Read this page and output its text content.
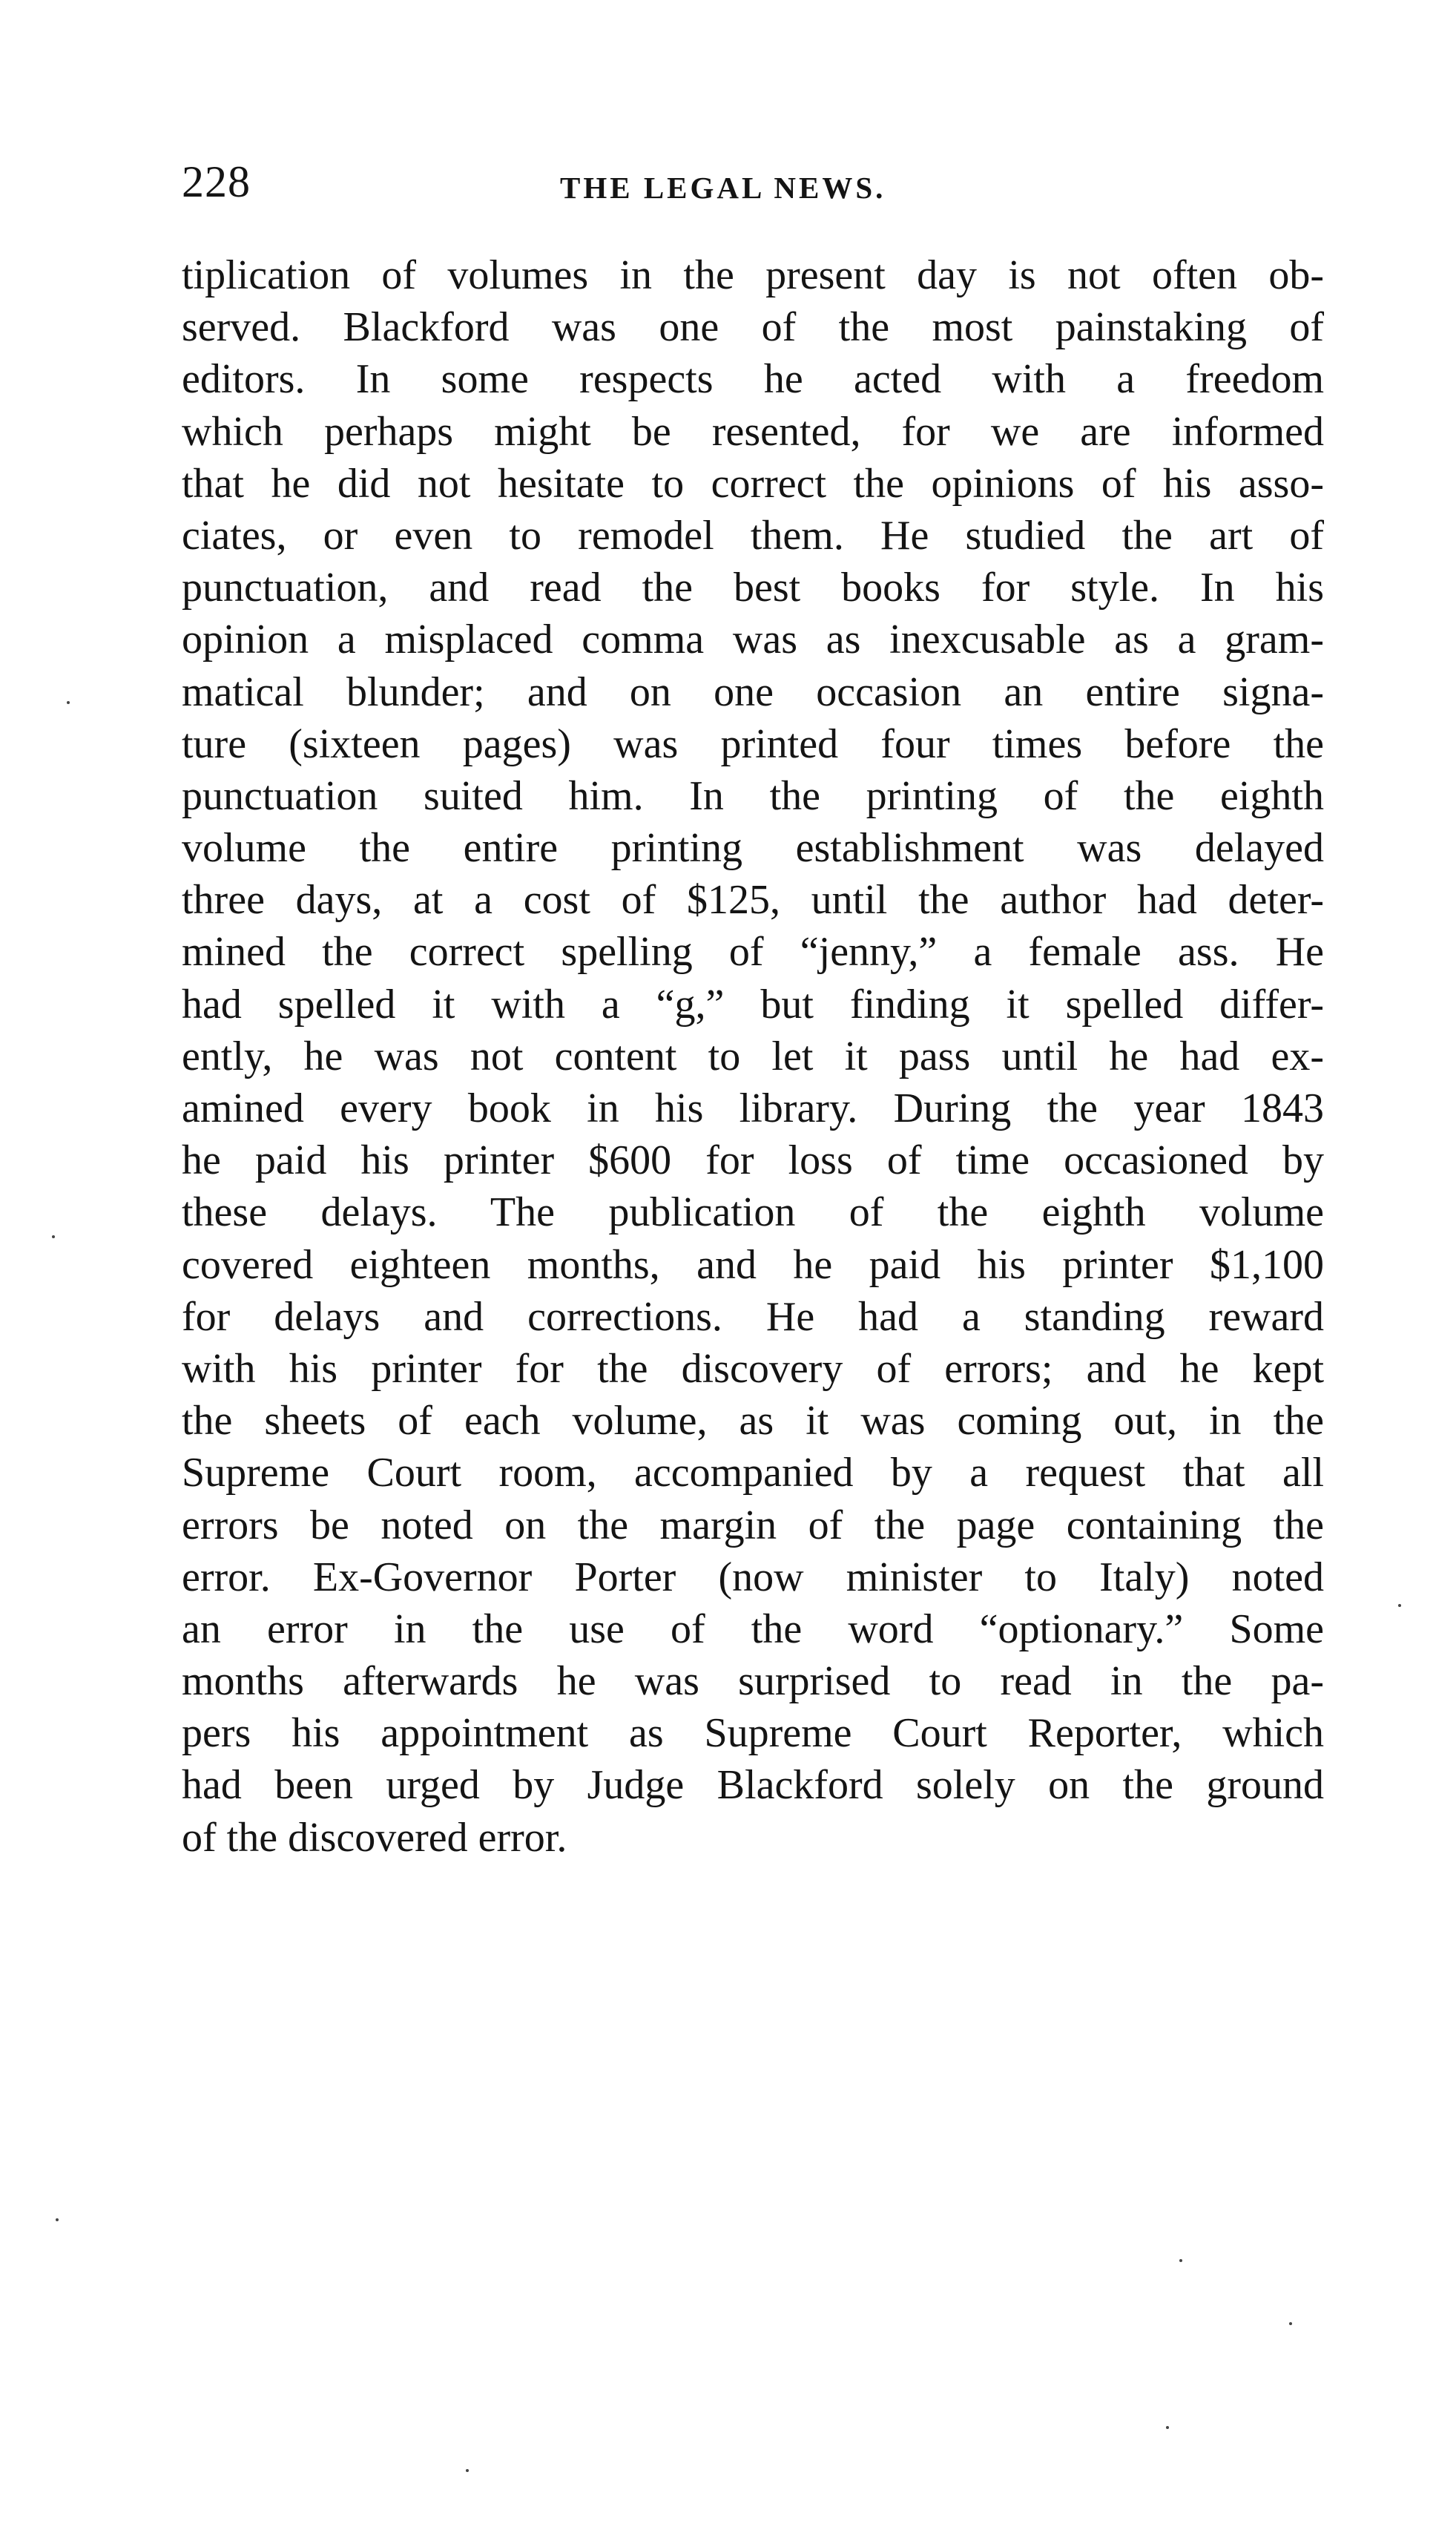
228	THE LEGAL NEWS.
tiplication of volumes in the present day is not often ob-
served. Blackford was one of the most painstaking of
editors. In some respects he acted with a freedom
which perhaps might be resented, for we are informed
that he did not hesitate to correct the opinions of his asso-
ciates, or even to remodel them. He studied the art of
punctuation, and read the best books for style. In his
opinion a misplaced comma was as inexcusable as a gram-
matical blunder; and on one occasion an entire signa-
ture (sixteen pages) was printed four times before the
punctuation suited him. In the printing of the eighth
volume the entire printing establishment was delayed
three days, at a cost of $125, until the author had deter-
mined the correct spelling of “jenny,” a female ass. He
had spelled it with a “g,” but finding it spelled differ-
ently, he was not content to let it pass until he had ex-
amined every book in his library. During the year 1843
he paid his printer $600 for loss of time occasioned by
these delays. The publication of the eighth volume
covered eighteen months, and he paid his printer $1,100
for delays and corrections. He had a standing reward
with his printer for the discovery of errors; and he kept
the sheets of each volume, as it was coming out, in the
Supreme Court room, accompanied by a request that all
errors be noted on the margin of the page containing the
error. Ex-Governor Porter (now minister to Italy) noted
an error in the use of the word “optionary.” Some
months afterwards he was surprised to read in the pa-
pers his appointment as Supreme Court Reporter, which
had been urged by Judge Blackford solely on the ground
of the discovered error.
